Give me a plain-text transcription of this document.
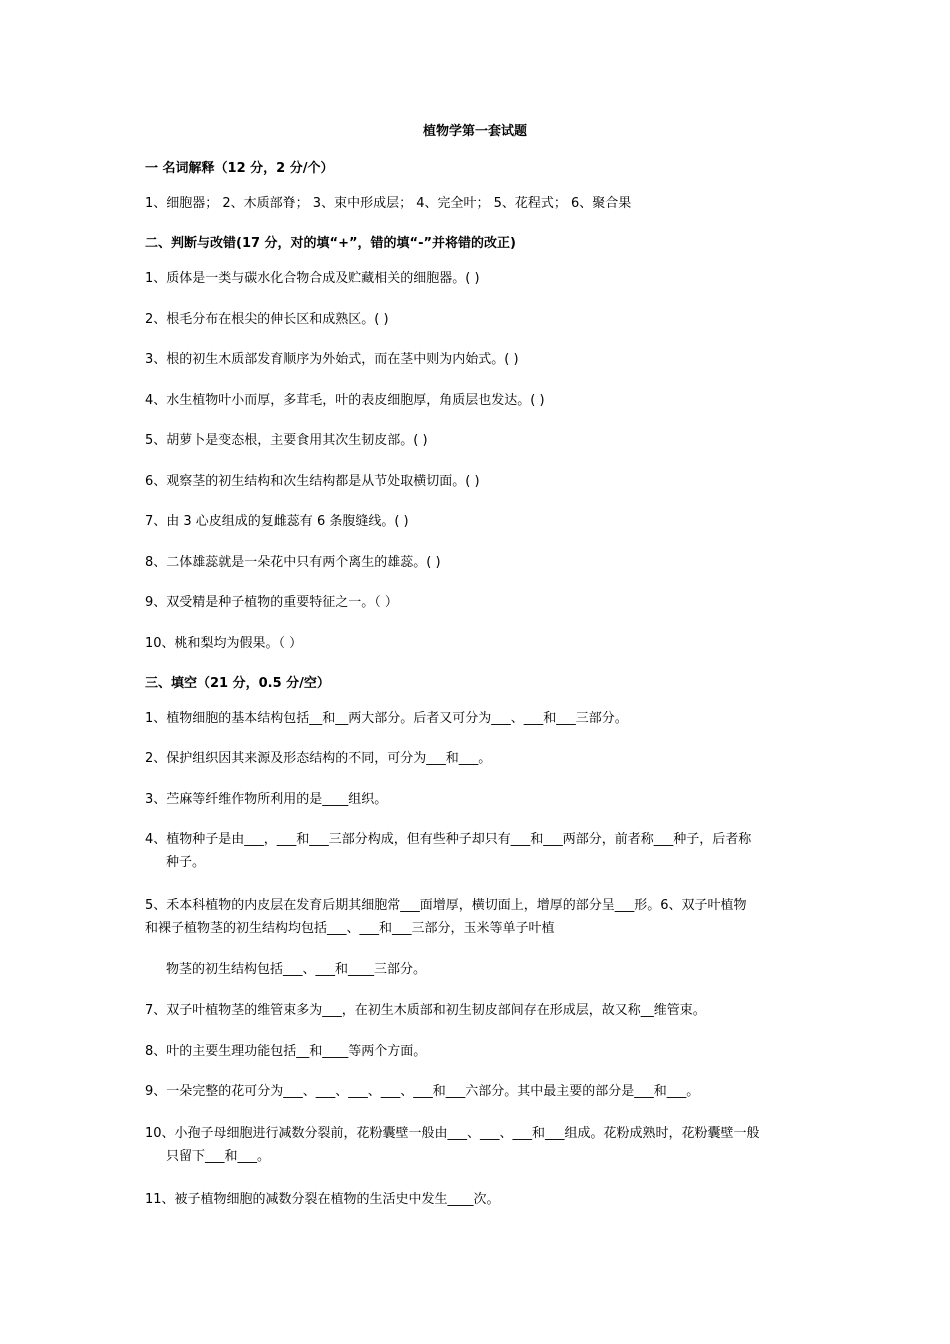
植物学第一套试题
一 名词解释（12 分，2 分/个）
1、细胞器； 2、木质部脊； 3、束中形成层； 4、完全叶； 5、花程式； 6、聚合果
二、判断与改错(17 分，对的填“+”，错的填“-”并将错的改正)
1、质体是一类与碳水化合物合成及贮藏相关的细胞器。( )
2、根毛分布在根尖的伸长区和成熟区。( )
3、根的初生木质部发育顺序为外始式，而在茎中则为内始式。( )
4、水生植物叶小而厚，多茸毛，叶的表皮细胞厚，角质层也发达。( )
5、胡萝卜是变态根，主要食用其次生韧皮部。( )
6、观察茎的初生结构和次生结构都是从节处取横切面。( )
7、由 3 心皮组成的复雌蕊有 6 条腹缝线。( )
8、二体雄蕊就是一朵花中只有两个离生的雄蕊。( )
9、双受精是种子植物的重要特征之一。（ ）
10、桃和梨均为假果。（ ）
三、填空（21 分，0.5 分/空）
1、植物细胞的基本结构包括__和__两大部分。后者又可分为___、___和___三部分。
2、保护组织因其来源及形态结构的不同，可分为___和___。
3、苎麻等纤维作物所利用的是____组织。
4、植物种子是由___，___和___三部分构成，但有些种子却只有___和___两部分，前者称___种子，后者称
种子。
5、禾本科植物的内皮层在发育后期其细胞常___面增厚，横切面上，增厚的部分呈___形。6、双子叶植物
和裸子植物茎的初生结构均包括___、___和___三部分，玉米等单子叶植
物茎的初生结构包括___、___和____三部分。
7、双子叶植物茎的维管束多为___，在初生木质部和初生韧皮部间存在形成层，故又称__维管束。
8、叶的主要生理功能包括__和____等两个方面。
9、一朵完整的花可分为___、___、___、___、___和___六部分。其中最主要的部分是___和___。
10、小孢子母细胞进行减数分裂前，花粉囊壁一般由___、___、___和___组成。花粉成熟时，花粉囊壁一般
只留下___和___。
11、被子植物细胞的减数分裂在植物的生活史中发生____次。
